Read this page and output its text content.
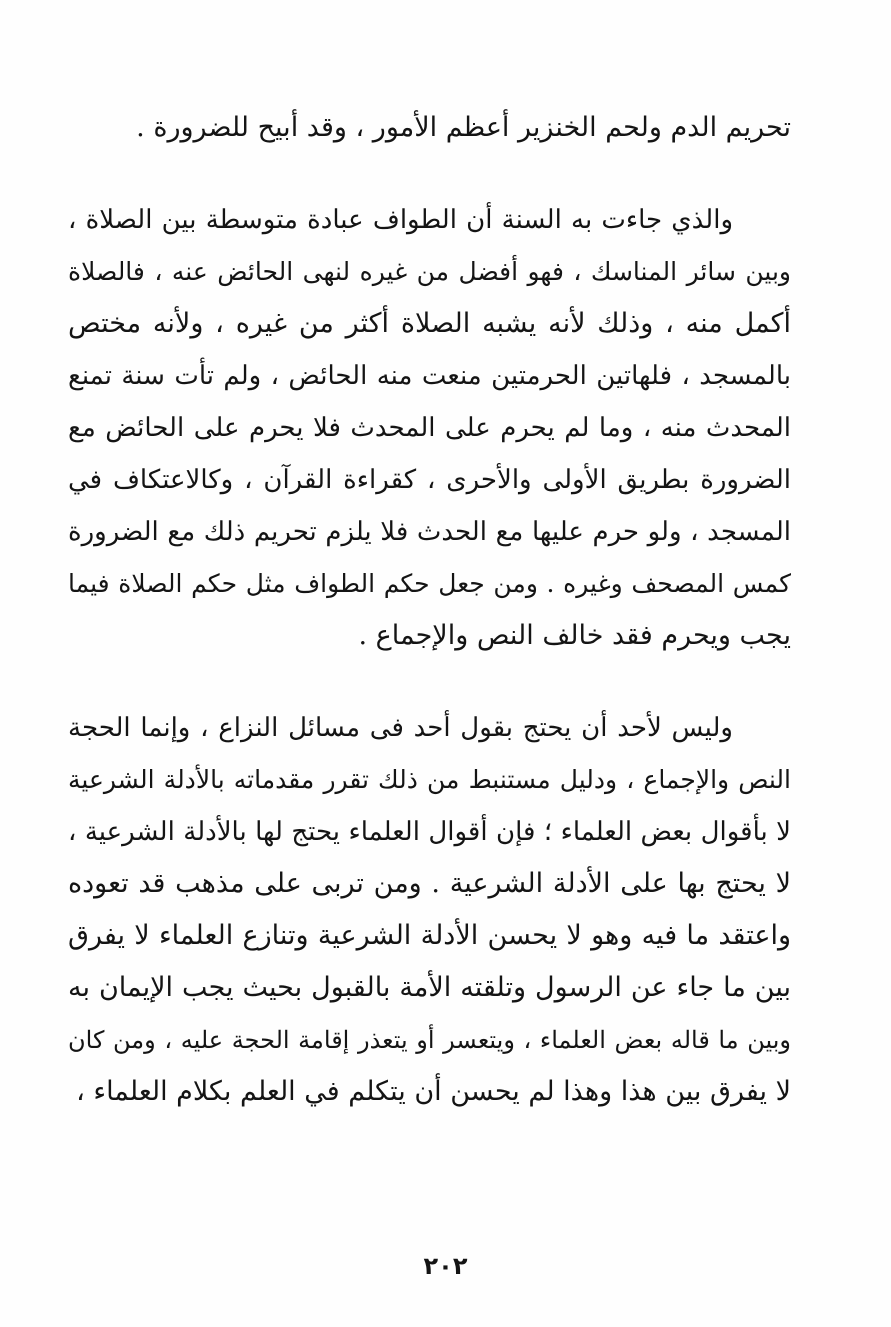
تحريم الدم ولحم الخنزير أعظم الأمور ، وقد أبيح للضرورة .
والذي جاءت به السنة أن الطواف عبادة متوسطة بين الصلاة ،
وبين سائر المناسك ، فهو أفضل من غيره لنهى الحائض عنه ، فالصلاة
أكمل منه ، وذلك لأنه يشبه الصلاة أكثر من غيره ، ولأنه مختص
بالمسجد ، فلهاتين الحرمتين منعت منه الحائض ، ولم تأت سنة تمنع
المحدث منه ، وما لم يحرم على المحدث فلا يحرم على الحائض مع
الضرورة بطريق الأولى والأحرى ، كقراءة القرآن ، وكالاعتكاف في
المسجد ، ولو حرم عليها مع الحدث فلا يلزم تحريم ذلك مع الضرورة
كمس المصحف وغيره . ومن جعل حكم الطواف مثل حكم الصلاة فيما
يجب ويحرم فقد خالف النص والإجماع .
وليس لأحد أن يحتج بقول أحد فى مسائل النزاع ، وإنما الحجة
النص والإجماع ، ودليل مستنبط من ذلك تقرر مقدماته بالأدلة الشرعية
لا بأقوال بعض العلماء ؛ فإن أقوال العلماء يحتج لها بالأدلة الشرعية ،
لا يحتج بها على الأدلة الشرعية . ومن تربى على مذهب قد تعوده
واعتقد ما فيه وهو لا يحسن الأدلة الشرعية وتنازع العلماء لا يفرق
بين ما جاء عن الرسول وتلقته الأمة بالقبول بحيث يجب الإيمان به
وبين ما قاله بعض العلماء ، ويتعسر أو يتعذر إقامة الحجة عليه ، ومن كان
لا يفرق بين هذا وهذا لم يحسن أن يتكلم في العلم بكلام العلماء ،
٢٠٢
